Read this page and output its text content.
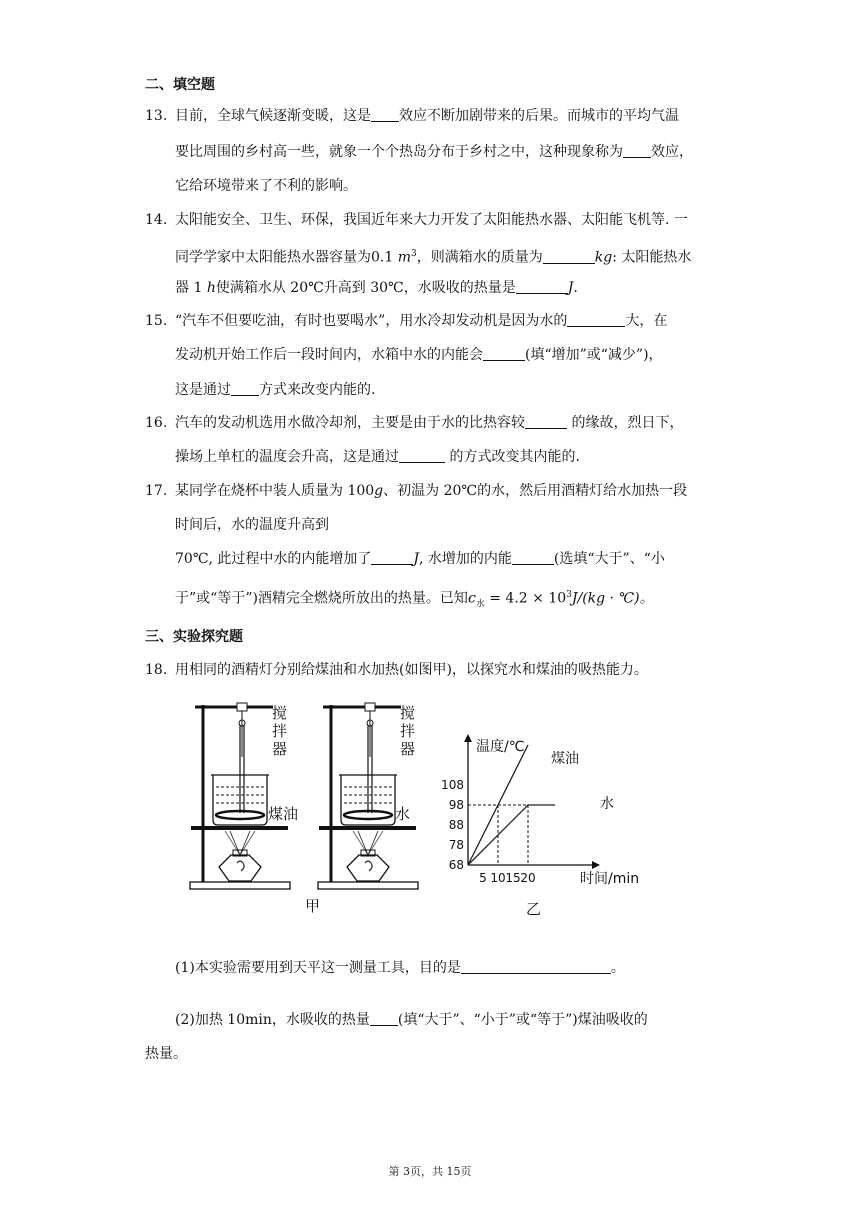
二、填空题
13. 目前，全球气候逐渐变暖，这是 效应不断加剧带来的后果。而城市的平均气温
要比周围的乡村高一些，就象一个个热岛分布于乡村之中，这种现象称为 效应，
它给环境带来了不利的影响。
14. 太阳能安全、卫生、环保，我国近年来大力开发了太阳能热水器、太阳能飞机等. 一
同学学家中太阳能热水器容量为0.1 $m^3$，则满箱水的质量为	kg: 太阳能热水
器 1 h使满箱水从 20℃升高到 30℃，水吸收的热量是	J.
15. “汽车不但要吃油，有时也要喝水”，用水冷却发动机是因为水的	大，在
发动机开始工作后一段时间内，水箱中水的内能会	(填“增加”或“减少”)，
这是通过 方式来改变内能的.
16. 汽车的发动机选用水做冷却剂，主要是由于水的比热容较	的缘故，烈日下，
操场上单杠的温度会升高，这是通过	的方式改变其内能的.
17. 某同学在烧杯中装人质量为 100g、初温为 20℃的水，然后用酒精灯给水加热一段
时间后，水的温度升高到
70℃, 此过程中水的内能增加了	J, 水增加的内能	(选填“大于”、“小
于”或“等于”)酒精完全燃烧所放出的热量。已知$c_水 = 4.2 \times 10^3J/(kg$ · ℃)。
三、实验探究题
18. 用相同的酒精灯分别给煤油和水加热(如图甲)，以探究水和煤油的吸热能力。
搅拌器
搅拌器
煤油	水
甲
68
78
88
98
108
5 10 15 20
温度/℃
时间/min
煤油
水
乙
(1)本实验需要用到天平这一测量工具，目的是	。
(2)加热 10min，水吸收的热量 (填“大于”、“小于”或“等于”)煤油吸收的
热量。
第 3页，共 15页
